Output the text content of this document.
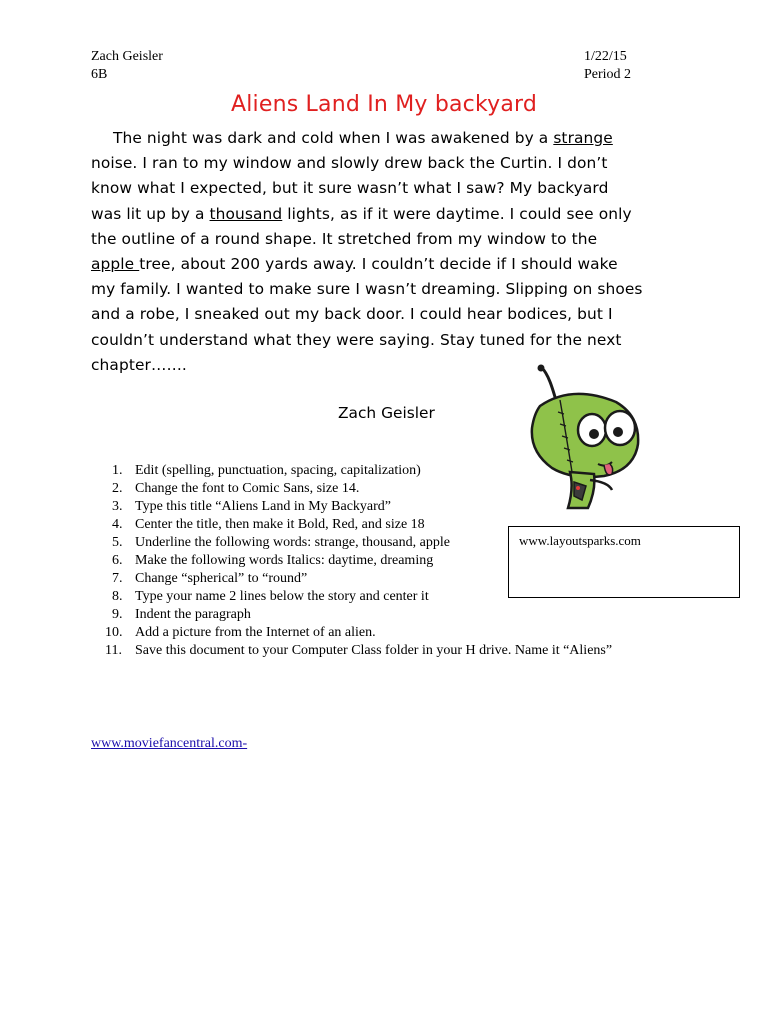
Zach Geisler
6B
1/22/15
Period 2
Aliens Land In My backyard
The night was dark and cold when I was awakened by a strange
noise. I ran to my window and slowly drew back the Curtin. I don’t
know what I expected, but it sure wasn’t what I saw? My backyard
was lit up by a thousand lights, as if it were daytime. I could see only
the outline of a round shape. It stretched from my window to the
apple tree, about 200 yards away. I couldn’t decide if I should wake
my family. I wanted to make sure I wasn’t dreaming. Slipping on shoes
and a robe, I sneaked out my back door. I could hear bodices, but I
couldn’t understand what they were saying. Stay tuned for the next
chapter…….
Zach Geisler
1. Edit (spelling, punctuation, spacing, capitalization)
2. Change the font to Comic Sans, size 14.
3. Type this title “Aliens Land in My Backyard”
4. Center the title, then make it Bold, Red, and size 18
5. Underline the following words: strange, thousand, apple
6. Make the following words Italics: daytime, dreaming
7. Change “spherical” to “round”
8. Type your name 2 lines below the story and center it
9. Indent the paragraph
10. Add a picture from the Internet of an alien.
11. Save this document to your Computer Class folder in your H drive. Name it “Aliens”
www.layoutsparks.com
www.moviefancentral.com-
